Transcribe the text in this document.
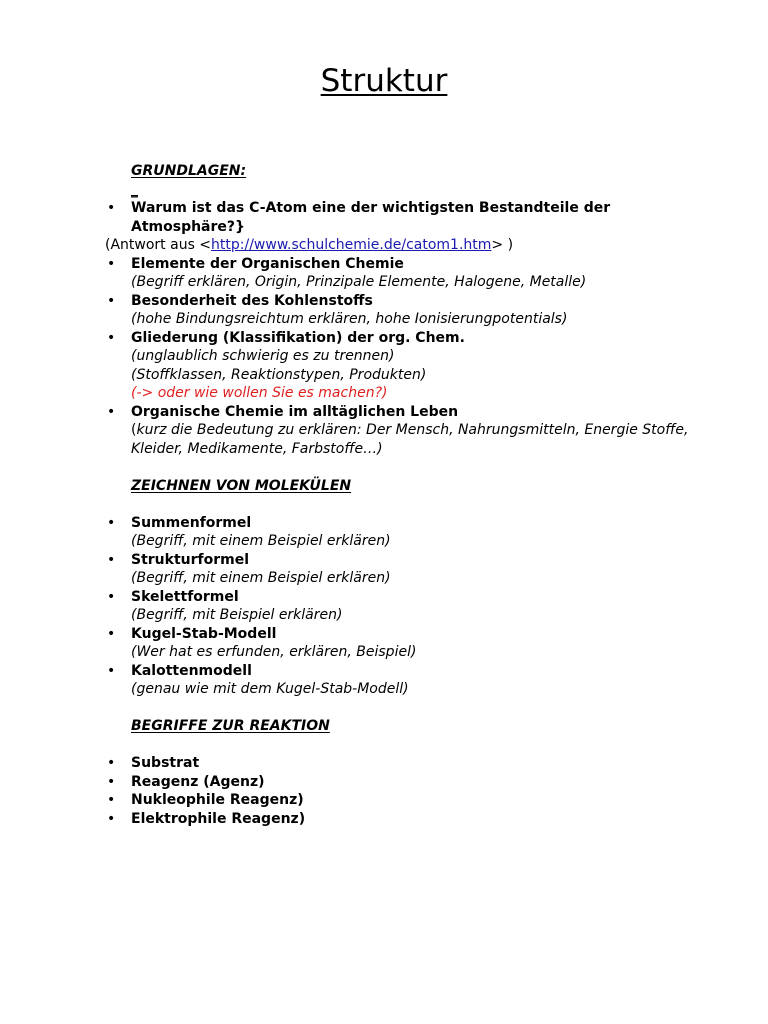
Struktur
GRUNDLAGEN:
_
• Warum ist das C-Atom eine der wichtigsten Bestandteile der Atmosphäre?}
(Antwort aus <http://www.schulchemie.de/catom1.htm> )
• Elemente der Organischen Chemie
(Begriff erklären, Origin, Prinzipale Elemente, Halogene, Metalle)
• Besonderheit des Kohlenstoffs
(hohe Bindungsreichtum erklären, hohe Ionisierungpotentials)
• Gliederung (Klassifikation) der org. Chem.
(unglaublich schwierig es zu trennen)
(Stoffklassen, Reaktionstypen, Produkten)
(-> oder wie wollen Sie es machen?)
• Organische Chemie im alltäglichen Leben
(kurz die Bedeutung zu erklären: Der Mensch, Nahrungsmitteln, Energie Stoffe, Kleider, Medikamente, Farbstoffe…)
ZEICHNEN VON MOLEKÜLEN
• Summenformel
(Begriff, mit einem Beispiel erklären)
• Strukturformel
(Begriff, mit einem Beispiel erklären)
• Skelettformel
(Begriff, mit Beispiel erklären)
• Kugel-Stab-Modell
(Wer hat es erfunden, erklären, Beispiel)
• Kalottenmodell
(genau wie mit dem Kugel-Stab-Modell)
BEGRIFFE ZUR REAKTION
• Substrat
• Reagenz (Agenz)
• Nukleophile Reagenz)
• Elektrophile Reagenz)
